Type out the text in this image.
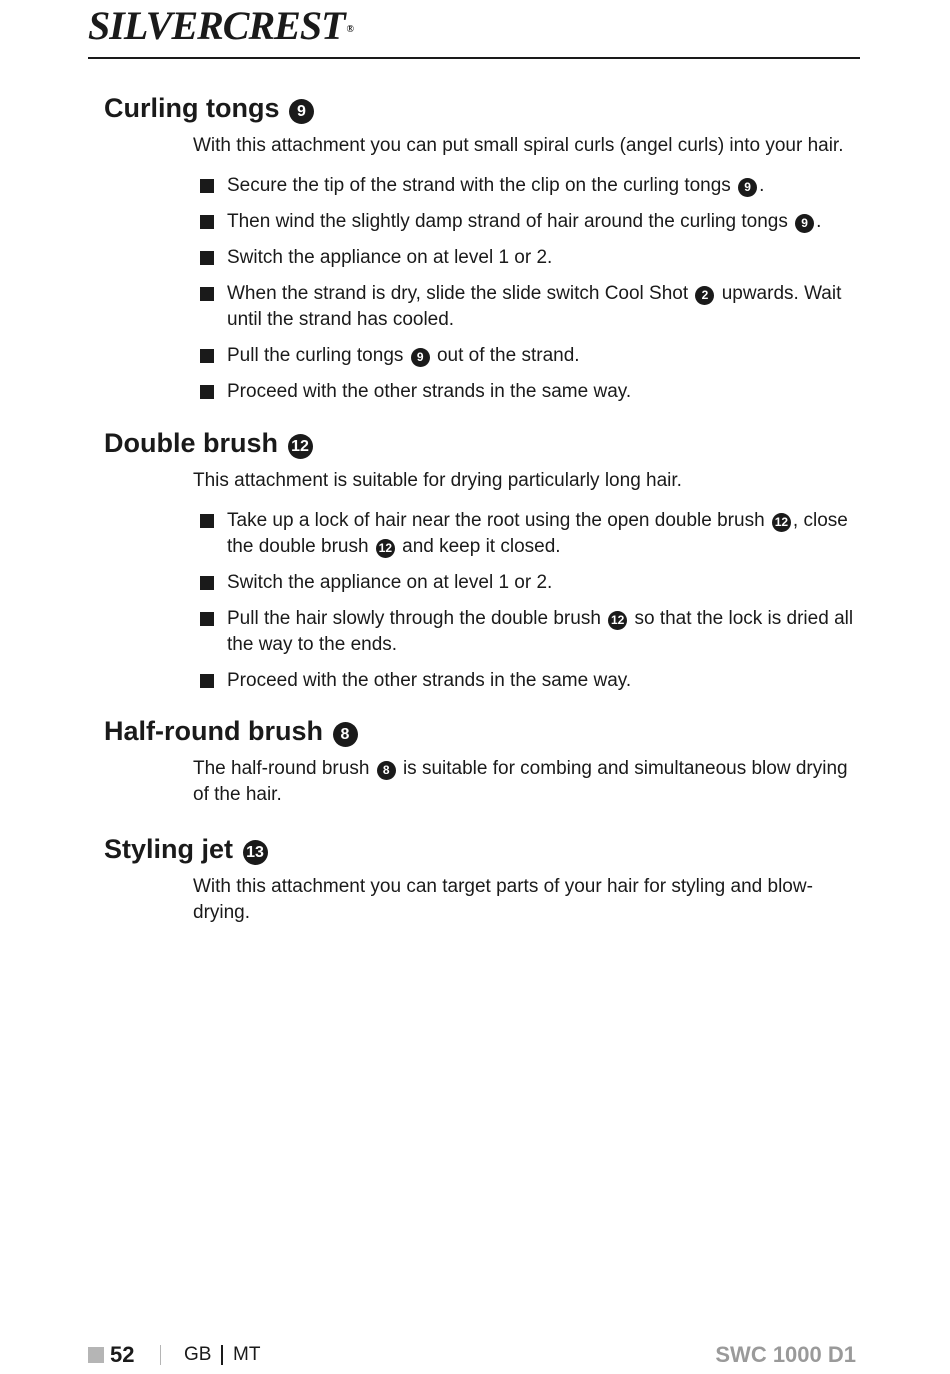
SILVERCREST ®
Curling tongs 9

With this attachment you can put small spiral curls (angel curls) into your hair.

Secure the tip of the strand with the clip on the curling tongs 9 .
Then wind the slightly damp strand of hair around the curling tongs 9 .
Switch the appliance on at level 1 or 2.
When the strand is dry, slide the slide switch Cool Shot 2 upwards. Wait until the strand has cooled.
Pull the curling tongs 9 out of the strand.
Proceed with the other strands in the same way.
Double brush 12

This attachment is suitable for drying particularly long hair.

Take up a lock of hair near the root using the open double brush 12 , close the double brush 12 and keep it closed.
Switch the appliance on at level 1 or 2.
Pull the hair slowly through the double brush 12 so that the lock is dried all the way to the ends.
Proceed with the other strands in the same way.
Half-round brush 8

The half-round brush 8 is suitable for combing and simultaneous blow drying of the hair.

Styling jet 13

With this attachment you can target parts of your hair for styling and blow-drying.

52	GB MT	SWC 1000 D1
